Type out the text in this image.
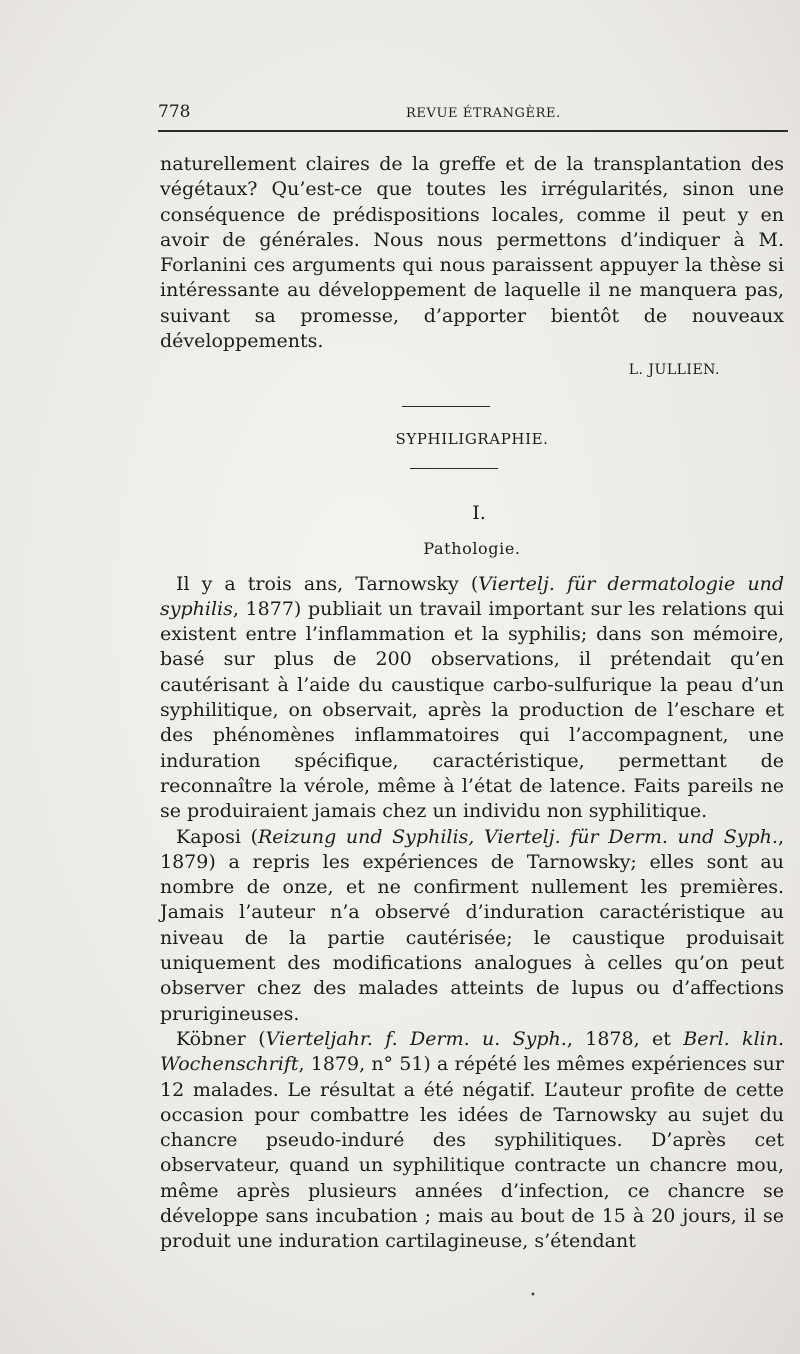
778	REVUE ÉTRANGÈRE.

naturellement claires de la greffe et de la transplantation des végétaux? Qu’est-ce que toutes les irrégularités, sinon une conséquence de prédispositions locales, comme il peut y en avoir de générales. Nous nous permettons d’indiquer à M. Forlanini ces arguments qui nous paraissent appuyer la thèse si intéressante au développement de laquelle il ne manquera pas, suivant sa promesse, d’apporter bientôt de nouveaux développements.

L. JULLIEN.

SYPHILIGRAPHIE.

I.

Pathologie.

Il y a trois ans, Tarnowsky (Viertelj. für dermatologie und syphilis, 1877) publiait un travail important sur les relations qui existent entre l’inflammation et la syphilis; dans son mémoire, basé sur plus de 200 observations, il prétendait qu’en cautérisant à l’aide du caustique carbo-sulfurique la peau d’un syphilitique, on observait, après la production de l’eschare et des phénomènes inflammatoires qui l’accompagnent, une induration spécifique, caractéristique, permettant de reconnaître la vérole, même à l’état de latence. Faits pareils ne se produiraient jamais chez un individu non syphilitique.

Kaposi (Reizung und Syphilis, Viertelj. für Derm. und Syph., 1879) a repris les expériences de Tarnowsky; elles sont au nombre de onze, et ne confirment nullement les premières. Jamais l’auteur n’a observé d’induration caractéristique au niveau de la partie cautérisée; le caustique produisait uniquement des modifications analogues à celles qu’on peut observer chez des malades atteints de lupus ou d’affections prurigineuses.

Köbner (Vierteljahr. f. Derm. u. Syph., 1878, et Berl. klin. Wochenschrift, 1879, n° 51) a répété les mêmes expériences sur 12 malades. Le résultat a été négatif. L’auteur profite de cette occasion pour combattre les idées de Tarnowsky au sujet du chancre pseudo-induré des syphilitiques. D’après cet observateur, quand un syphilitique contracte un chancre mou, même après plusieurs années d’infection, ce chancre se développe sans incubation ; mais au bout de 15 à 20 jours, il se produit une induration cartilagineuse, s’étendant

•
